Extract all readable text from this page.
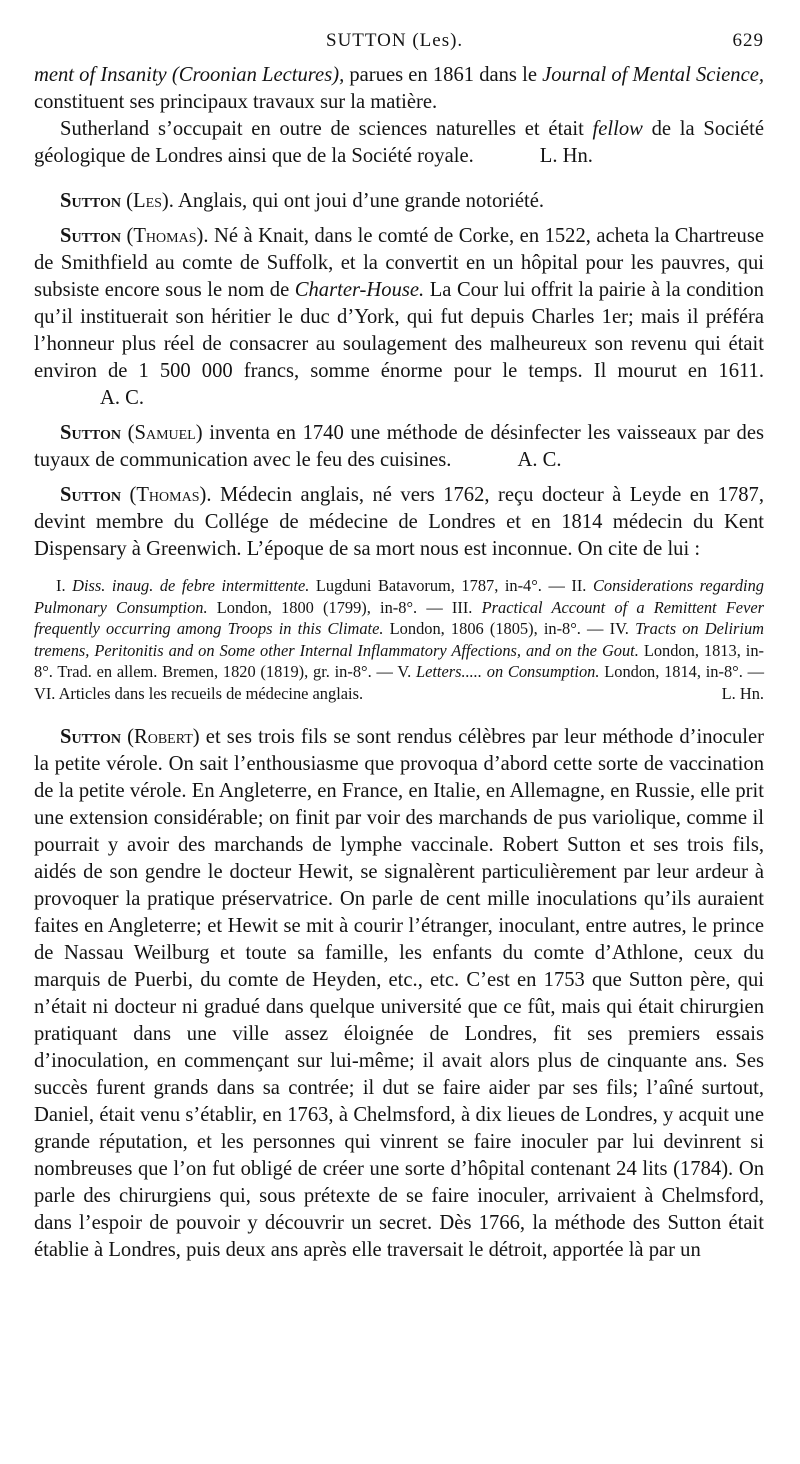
SUTTON (Les).	629

ment of Insanity (Croonian Lectures), parues en 1861 dans le Journal of Mental Science, constituent ses principaux travaux sur la matière.

Sutherland s’occupait en outre de sciences naturelles et était fellow de la Société géologique de Londres ainsi que de la Société royale.	L. Hn.

Sutton (Les). Anglais, qui ont joui d’une grande notoriété.

Sutton (Thomas). Né à Knait, dans le comté de Corke, en 1522, acheta la Chartreuse de Smithfield au comte de Suffolk, et la convertit en un hôpital pour les pauvres, qui subsiste encore sous le nom de Charter-House. La Cour lui offrit la pairie à la condition qu’il instituerait son héritier le duc d’York, qui fut depuis Charles 1er; mais il préféra l’honneur plus réel de consacrer au soulagement des malheureux son revenu qui était environ de 1 500 000 francs, somme énorme pour le temps. Il mourut en 1611.A. C.

Sutton (Samuel) inventa en 1740 une méthode de désinfecter les vaisseaux par des tuyaux de communication avec le feu des cuisines.	A. C.

Sutton (Thomas). Médecin anglais, né vers 1762, reçu docteur à Leyde en 1787, devint membre du Collége de médecine de Londres et en 1814 médecin du Kent Dispensary à Greenwich. L’époque de sa mort nous est inconnue. On cite de lui :

I. Diss. inaug. de febre intermittente. Lugduni Batavorum, 1787, in-4°. — II. Considerations regarding Pulmonary Consumption. London, 1800 (1799), in-8°. — III. Practical Account of a Remittent Fever frequently occurring among Troops in this Climate. London, 1806 (1805), in-8°. — IV. Tracts on Delirium tremens, Peritonitis and on Some other Internal Inflammatory Affections, and on the Gout. London, 1813, in-8°. Trad. en allem. Bremen, 1820 (1819), gr. in-8°. — V. Letters..... on Consumption. London, 1814, in-8°. — VI. Articles dans les recueils de médecine anglais.	L. Hn.

Sutton (Robert) et ses trois fils se sont rendus célèbres par leur méthode d’inoculer la petite vérole. On sait l’enthousiasme que provoqua d’abord cette sorte de vaccination de la petite vérole. En Angleterre, en France, en Italie, en Allemagne, en Russie, elle prit une extension considérable; on finit par voir des marchands de pus variolique, comme il pourrait y avoir des marchands de lymphe vaccinale. Robert Sutton et ses trois fils, aidés de son gendre le docteur Hewit, se signalèrent particulièrement par leur ardeur à provoquer la pratique préservatrice. On parle de cent mille inoculations qu’ils auraient faites en Angleterre; et Hewit se mit à courir l’étranger, inoculant, entre autres, le prince de Nassau Weilburg et toute sa famille, les enfants du comte d’Athlone, ceux du marquis de Puerbi, du comte de Heyden, etc., etc. C’est en 1753 que Sutton père, qui n’était ni docteur ni gradué dans quelque université que ce fût, mais qui était chirurgien pratiquant dans une ville assez éloignée de Londres, fit ses premiers essais d’inoculation, en commençant sur lui-même; il avait alors plus de cinquante ans. Ses succès furent grands dans sa contrée; il dut se faire aider par ses fils; l’aîné surtout, Daniel, était venu s’établir, en 1763, à Chelmsford, à dix lieues de Londres, y acquit une grande réputation, et les personnes qui vinrent se faire inoculer par lui devinrent si nombreuses que l’on fut obligé de créer une sorte d’hôpital contenant 24 lits (1784). On parle des chirurgiens qui, sous prétexte de se faire inoculer, arrivaient à Chelmsford, dans l’espoir de pouvoir y découvrir un secret. Dès 1766, la méthode des Sutton était établie à Londres, puis deux ans après elle traversait le détroit, apportée là par un
